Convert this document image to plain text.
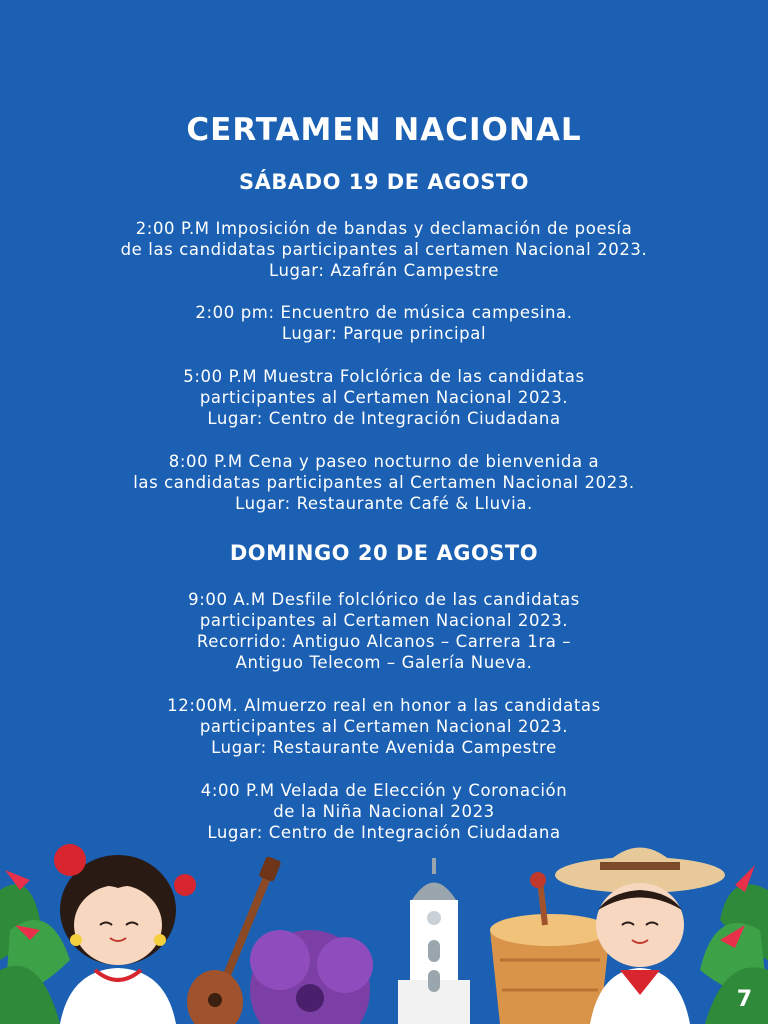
CERTAMEN NACIONAL
SÁBADO 19 DE AGOSTO
2:00 P.M Imposición de bandas y declamación de poesía
de las candidatas participantes al certamen Nacional 2023.
Lugar: Azafrán Campestre
2:00 pm: Encuentro de música campesina.
Lugar: Parque principal
5:00 P.M Muestra Folclórica de las candidatas
participantes al Certamen Nacional 2023.
Lugar: Centro de Integración Ciudadana
8:00 P.M Cena y paseo nocturno de bienvenida a
las candidatas participantes al Certamen Nacional 2023.
Lugar: Restaurante Café & Lluvia.
DOMINGO 20 DE AGOSTO
9:00 A.M Desfile folclórico de las candidatas
participantes al Certamen Nacional 2023.
Recorrido: Antiguo Alcanos – Carrera 1ra –
Antiguo Telecom – Galería Nueva.
12:00M. Almuerzo real en honor a las candidatas
participantes al Certamen Nacional 2023.
Lugar: Restaurante Avenida Campestre
4:00 P.M Velada de Elección y Coronación
de la Niña Nacional 2023
Lugar: Centro de Integración Ciudadana
7
